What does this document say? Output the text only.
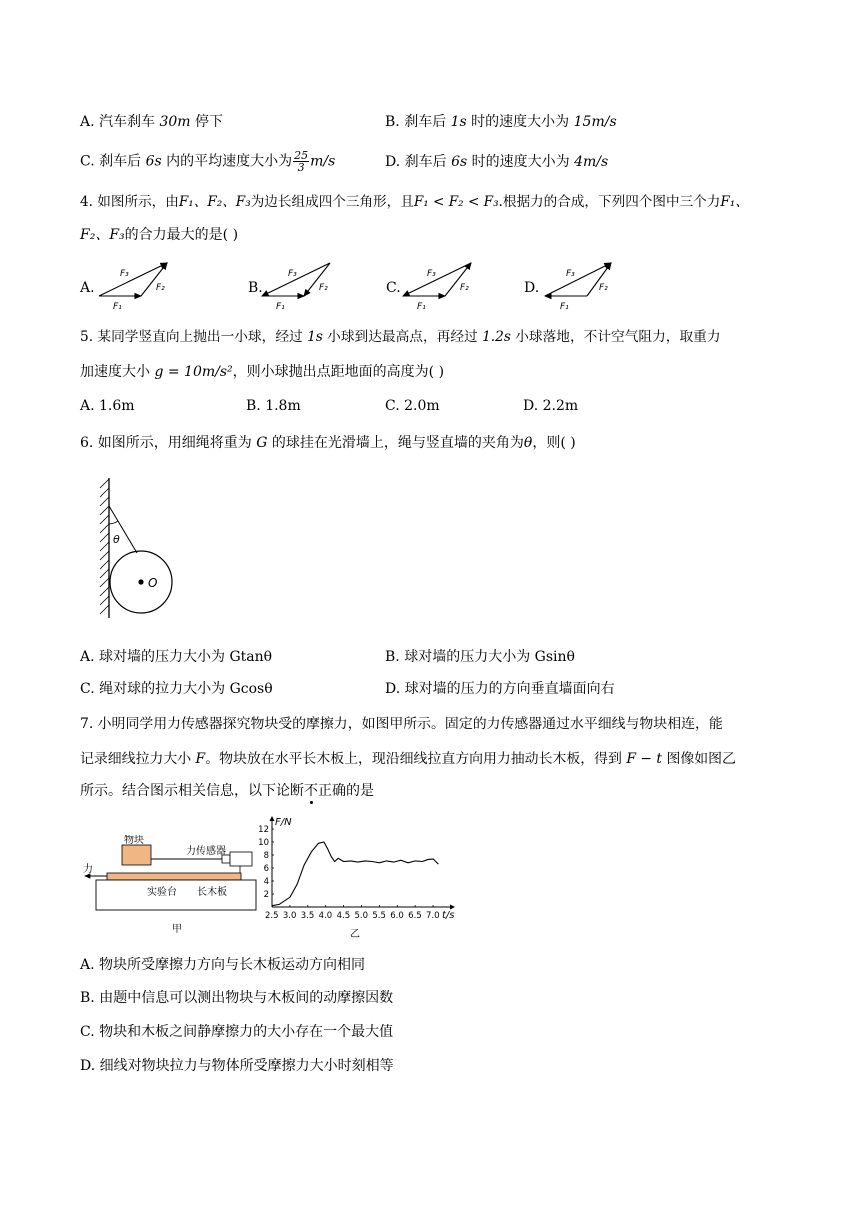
A. 汽车刹车 30m 停下	B. 刹车后 1s 时的速度大小为 15m/s
C. 刹车后 6s 内的平均速度大小为 $\frac{25}{3} m/s$	D. 刹车后 6s 时的速度大小为 4m/s
4. 如图所示，由F₁、F₂、F₃为边长组成四个三角形，且F₁ < F₂ < F₃.根据力的合成，下列四个图中三个力F₁、
F₂、F₃的合力最大的是( )
A.	B.	C.	D.
F₁
F₂
F₃
F₁
F₂
F₃
F₁
F₂
F₃
F₁
F₂
F₃
5. 某同学竖直向上抛出一小球，经过 1s 小球到达最高点，再经过 1.2s 小球落地，不计空气阻力，取重力
加速度大小 g = 10m/s²，则小球抛出点距地面的高度为( )
A. 1.6m	B. 1.8m	C. 2.0m	D. 2.2m
6. 如图所示，用细绳将重为 G 的球挂在光滑墙上，绳与竖直墙的夹角为θ，则( )
θ
O
A. 球对墙的压力大小为 Gtanθ	B. 球对墙的压力大小为 Gsinθ
C. 绳对球的拉力大小为 Gcosθ	D. 球对墙的压力的方向垂直墙面向右
7. 小明同学用力传感器探究物块受的摩擦力，如图甲所示。固定的力传感器通过水平细线与物块相连，能
记录细线拉力大小 F。物块放在水平长木板上，现沿细线拉直方向用力抽动长木板，得到 F − t 图像如图乙
所示。结合图示相关信息，以下论断不正确的是
物块
力传感器
力
实验台 长木板
甲
2.5 3.0 3.5 4.0 4.5 5.0 5.5 6.0 6.5 7.0
2
4
6
8
10
12
F/N
t/s
乙
A. 物块所受摩擦力方向与长木板运动方向相同
B. 由题中信息可以测出物块与木板间的动摩擦因数
C. 物块和木板之间静摩擦力的大小存在一个最大值
D. 细线对物块拉力与物体所受摩擦力大小时刻相等
